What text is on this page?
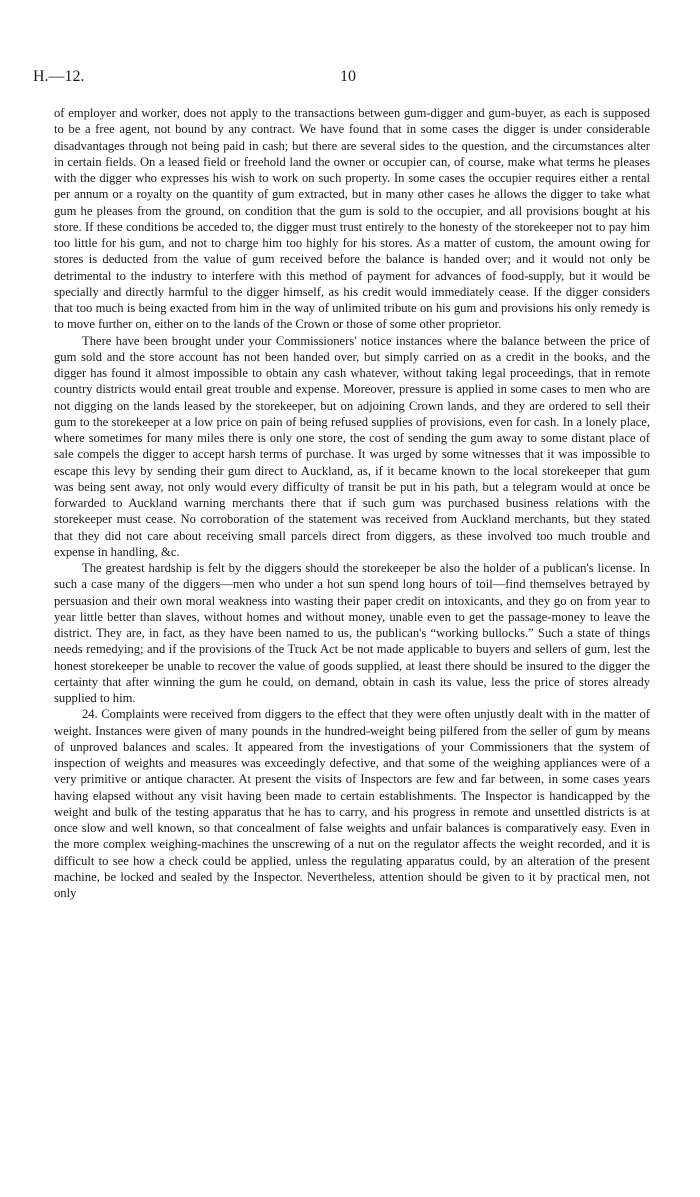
H.—12.	10

of employer and worker, does not apply to the transactions between gum-digger and gum-buyer, as each is supposed to be a free agent, not bound by any contract. We have found that in some cases the digger is under considerable disadvantages through not being paid in cash; but there are several sides to the question, and the circumstances alter in certain fields. On a leased field or freehold land the owner or occupier can, of course, make what terms he pleases with the digger who expresses his wish to work on such property. In some cases the occupier requires either a rental per annum or a royalty on the quantity of gum extracted, but in many other cases he allows the digger to take what gum he pleases from the ground, on condition that the gum is sold to the occupier, and all provisions bought at his store. If these conditions be acceded to, the digger must trust entirely to the honesty of the storekeeper not to pay him too little for his gum, and not to charge him too highly for his stores. As a matter of custom, the amount owing for stores is deducted from the value of gum received before the balance is handed over; and it would not only be detrimental to the industry to interfere with this method of payment for advances of food-supply, but it would be specially and directly harmful to the digger himself, as his credit would immediately cease. If the digger considers that too much is being exacted from him in the way of unlimited tribute on his gum and provisions his only remedy is to move further on, either on to the lands of the Crown or those of some other proprietor.

There have been brought under your Commissioners' notice instances where the balance between the price of gum sold and the store account has not been handed over, but simply carried on as a credit in the books, and the digger has found it almost impossible to obtain any cash whatever, without taking legal proceedings, that in remote country districts would entail great trouble and expense. Moreover, pressure is applied in some cases to men who are not digging on the lands leased by the storekeeper, but on adjoining Crown lands, and they are ordered to sell their gum to the storekeeper at a low price on pain of being refused supplies of provisions, even for cash. In a lonely place, where sometimes for many miles there is only one store, the cost of sending the gum away to some distant place of sale compels the digger to accept harsh terms of purchase. It was urged by some witnesses that it was impossible to escape this levy by sending their gum direct to Auckland, as, if it became known to the local storekeeper that gum was being sent away, not only would every difficulty of transit be put in his path, but a telegram would at once be forwarded to Auckland warning merchants there that if such gum was purchased business relations with the storekeeper must cease. No corroboration of the statement was received from Auckland merchants, but they stated that they did not care about receiving small parcels direct from diggers, as these involved too much trouble and expense in handling, &c.

The greatest hardship is felt by the diggers should the storekeeper be also the holder of a publican's license. In such a case many of the diggers—men who under a hot sun spend long hours of toil—find themselves betrayed by persuasion and their own moral weakness into wasting their paper credit on intoxicants, and they go on from year to year little better than slaves, without homes and without money, unable even to get the passage-money to leave the district. They are, in fact, as they have been named to us, the publican's “working bullocks.” Such a state of things needs remedying; and if the provisions of the Truck Act be not made applicable to buyers and sellers of gum, lest the honest storekeeper be unable to recover the value of goods supplied, at least there should be insured to the digger the certainty that after winning the gum he could, on demand, obtain in cash its value, less the price of stores already supplied to him.

24. Complaints were received from diggers to the effect that they were often unjustly dealt with in the matter of weight. Instances were given of many pounds in the hundred-weight being pilfered from the seller of gum by means of unproved balances and scales. It appeared from the investigations of your Commissioners that the system of inspection of weights and measures was exceedingly defective, and that some of the weighing appliances were of a very primitive or antique character. At present the visits of Inspectors are few and far between, in some cases years having elapsed without any visit having been made to certain establishments. The Inspector is handicapped by the weight and bulk of the testing apparatus that he has to carry, and his progress in remote and unsettled districts is at once slow and well known, so that concealment of false weights and unfair balances is comparatively easy. Even in the more complex weighing-machines the unscrewing of a nut on the regulator affects the weight recorded, and it is difficult to see how a check could be applied, unless the regulating apparatus could, by an alteration of the present machine, be locked and sealed by the Inspector. Nevertheless, attention should be given to it by practical men, not only
